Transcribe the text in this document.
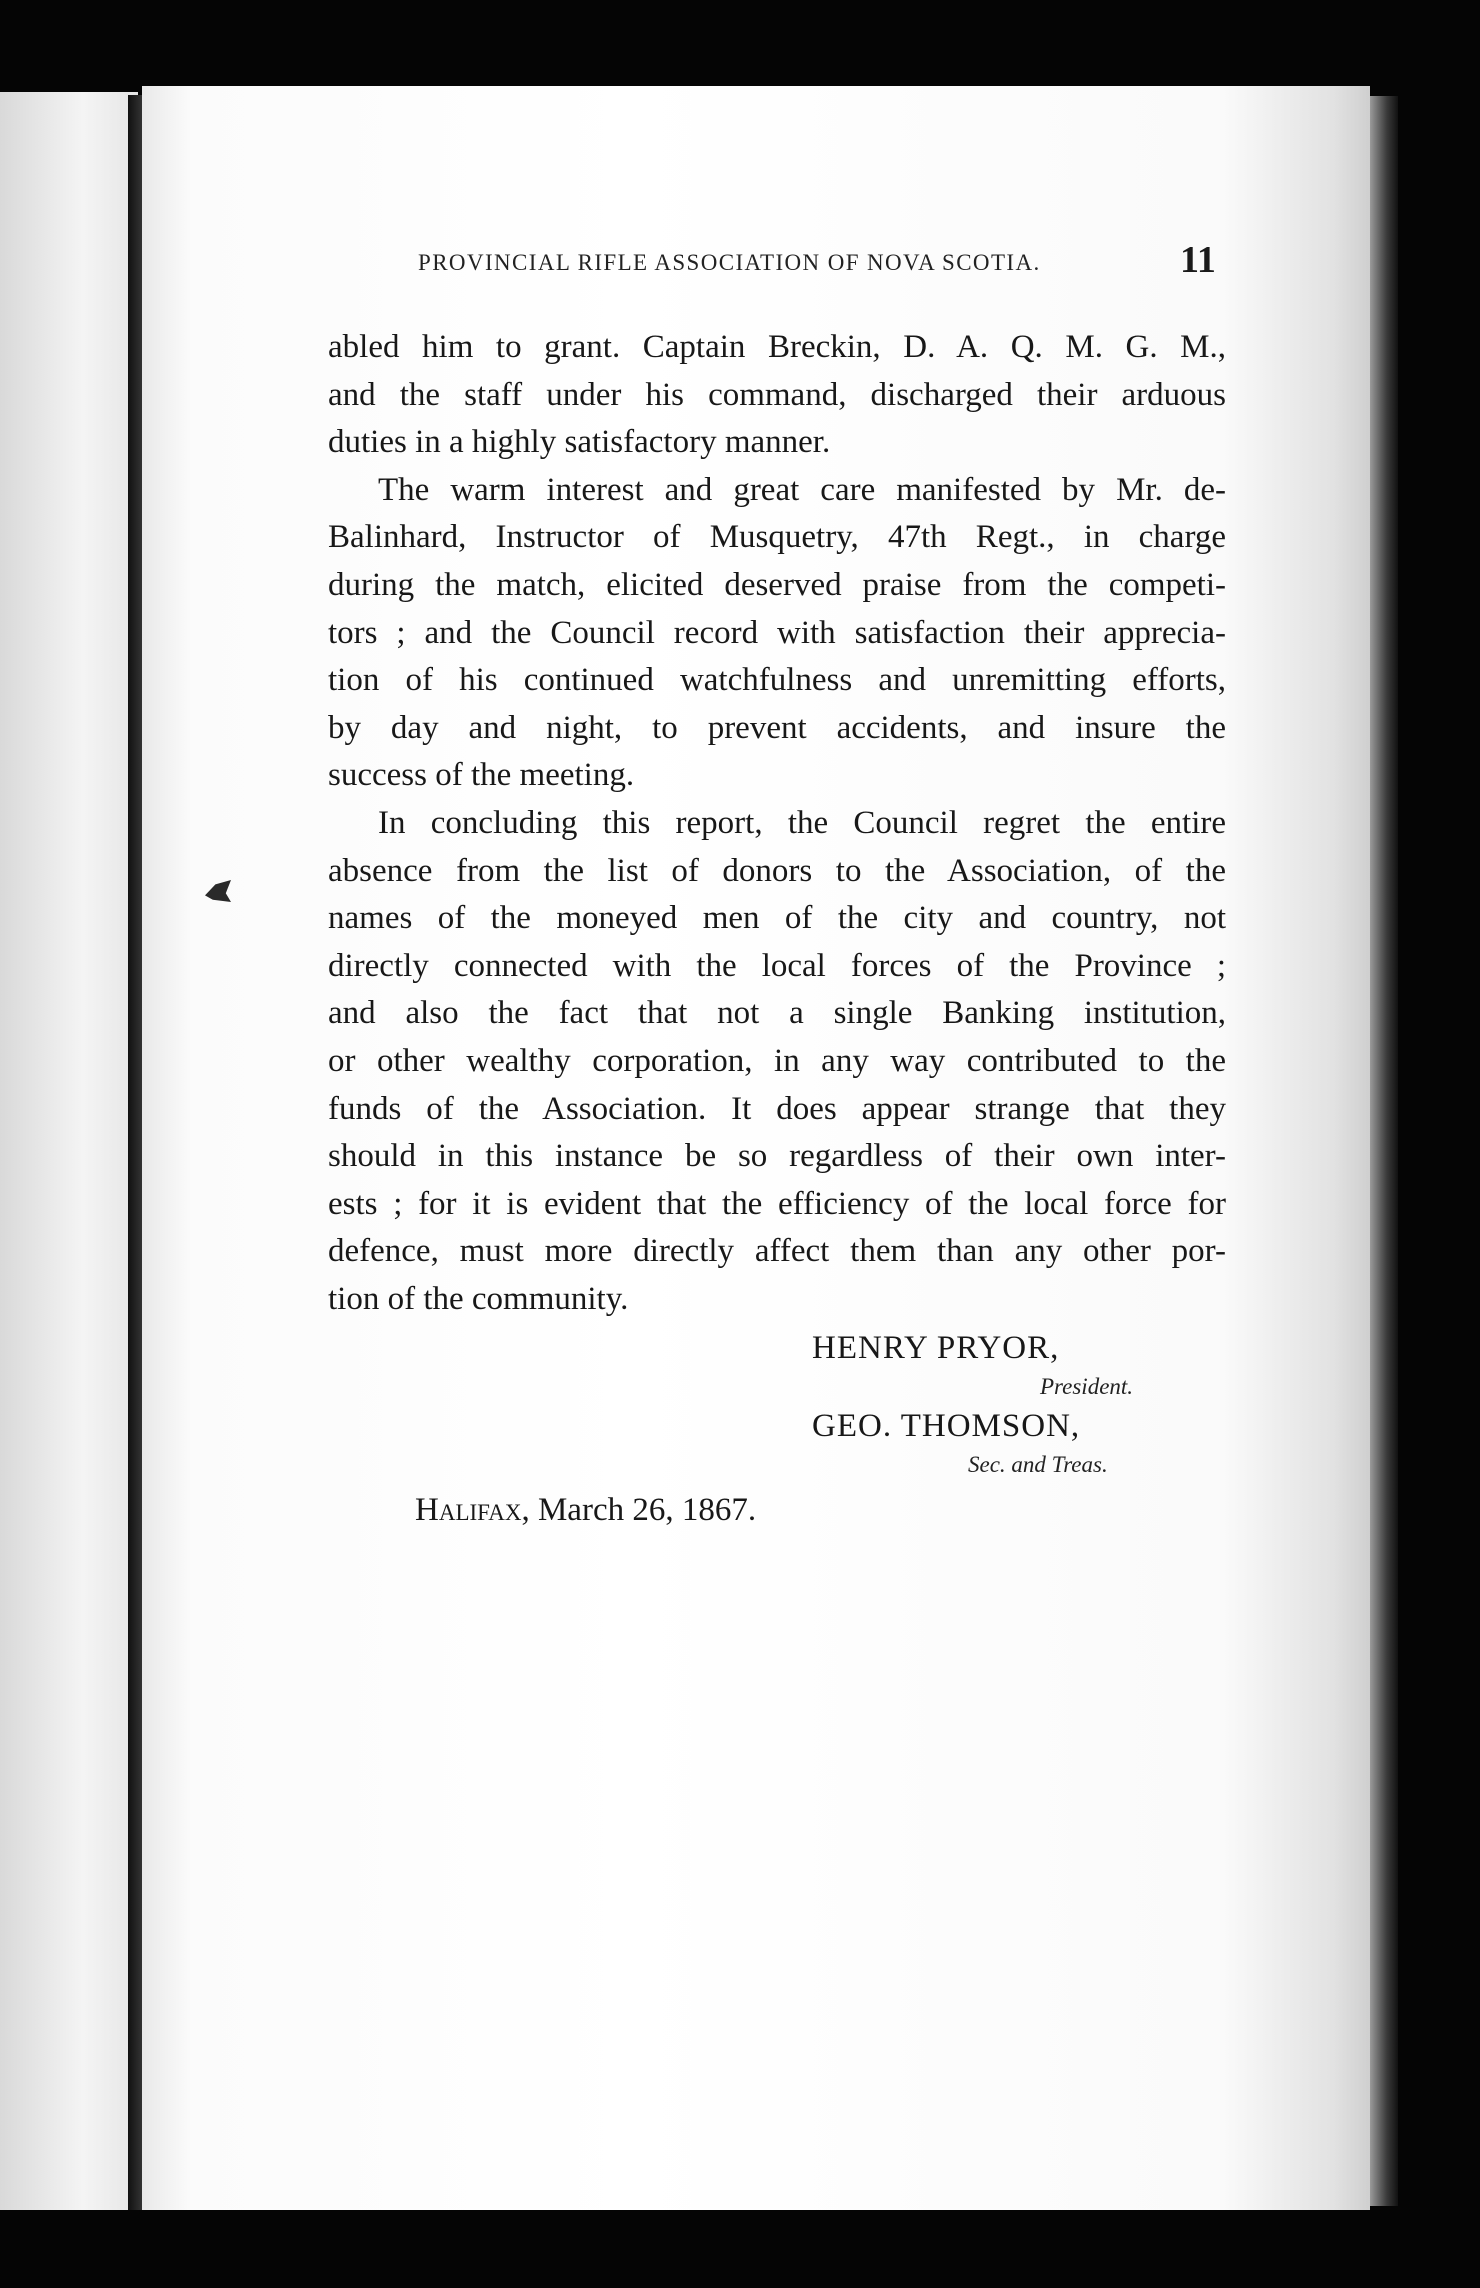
PROVINCIAL RIFLE ASSOCIATION OF NOVA SCOTIA.	11
abled him to grant. Captain Breckin, D. A. Q. M. G. M.,
and the staff under his command, discharged their arduous
duties in a highly satisfactory manner.
The warm interest and great care manifested by Mr. de-
Balinhard, Instructor of Musquetry, 47th Regt., in charge
during the match, elicited deserved praise from the competi-
tors ; and the Council record with satisfaction their apprecia-
tion of his continued watchfulness and unremitting efforts,
by day and night, to prevent accidents, and insure the
success of the meeting.
In concluding this report, the Council regret the entire
absence from the list of donors to the Association, of the
names of the moneyed men of the city and country, not
directly connected with the local forces of the Province ;
and also the fact that not a single Banking institution,
or other wealthy corporation, in any way contributed to the
funds of the Association. It does appear strange that they
should in this instance be so regardless of their own inter-
ests ; for it is evident that the efficiency of the local force for
defence, must more directly affect them than any other por-
tion of the community.
HENRY PRYOR,
President.
GEO. THOMSON,
Sec. and Treas.
Halifax, March 26, 1867.
